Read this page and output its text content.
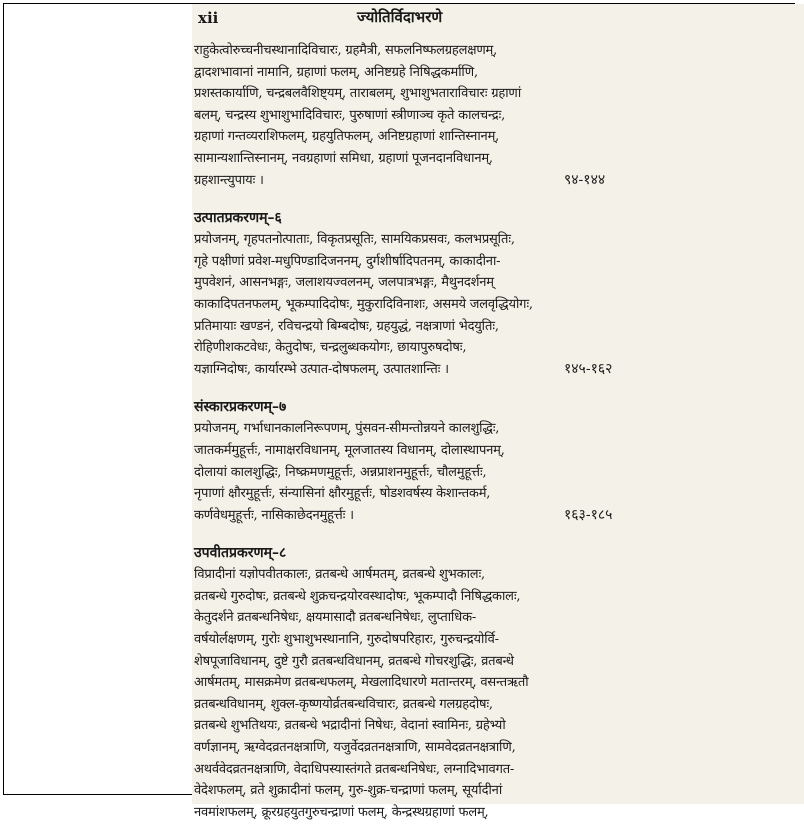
xii	ज्योतिर्विदाभरणे
राहुकेत्वोरुच्चनीचस्थानादिविचारः, ग्रहमैत्री, सफलनिष्फलग्रहलक्षणम्,
द्वादशभावानां नामानि, ग्रहाणां फलम्, अनिष्टग्रहे निषिद्धकर्माणि,
प्रशस्तकार्याणि, चन्द्रबलवैशिष्ट्यम्, ताराबलम्, शुभाशुभताराविचारः ग्रहाणां
बलम्, चन्द्रस्य शुभाशुभादिविचारः, पुरुषाणां स्त्रीणाञ्च कृते कालचन्द्रः,
ग्रहाणां गन्तव्यराशिफलम्, ग्रहयुतिफलम्, अनिष्टग्रहाणां शान्तिस्नानम्,
सामान्यशान्तिस्नानम्, नवग्रहाणां समिधा, ग्रहाणां पूजनदानविधानम्,
ग्रहशान्त्युपायः ।	९४-१४४
उत्पातप्रकरणम्–६
प्रयोजनम्, गृहपतनोत्पाताः, विकृतप्रसूतिः, सामयिकप्रसवः, कलभप्रसूतिः,
गृहे पक्षीणां प्रवेश-मधुपिण्डादिजननम्, दुर्गशीर्षादिपतनम्, काकादीना-
मुपवेशनं, आसनभङ्गः, जलाशयज्वलनम्, जलपात्रभङ्गः, मैथुनदर्शनम्
काकादिपतनफलम्, भूकम्पादिदोषः, मुकुरादिविनाशः, असमये जलवृद्धियोगः,
प्रतिमायाः खण्डनं, रविचन्द्रयो बिम्बदोषः, ग्रहयुद्धं, नक्षत्राणां भेदयुतिः,
रोहिणीशकटवेधः, केतुदोषः, चन्द्रलुब्धकयोगः, छायापुरुषदोषः,
यज्ञाग्निदोषः, कार्यारम्भे उत्पात-दोषफलम्, उत्पातशान्तिः ।	१४५-१६२
संस्कारप्रकरणम्–७
प्रयोजनम्, गर्भाधानकालनिरूपणम्, पुंसवन-सीमन्तोन्नयने कालशुद्धिः,
जातकर्ममुहूर्त्तः, नामाक्षरविधानम्, मूलजातस्य विधानम्, दोलास्थापनम्,
दोलायां कालशुद्धिः, निष्क्रमणमुहूर्त्तः, अन्नप्राशनमुहूर्त्तः, चौलमुहूर्त्तः,
नृपाणां क्षौरमुहूर्त्तः, संन्यासिनां क्षौरमुहूर्त्तः, षोडशवर्षस्य केशान्तकर्म,
कर्णवेधमुहूर्त्तः, नासिकाछेदनमुहूर्त्तः ।	१६३-१८५
उपवीतप्रकरणम्–८
विप्रादीनां यज्ञोपवीतकालः, व्रतबन्धे आर्षमतम्, व्रतबन्धे शुभकालः,
व्रतबन्धे गुरुदोषः, व्रतबन्धे शुक्रचन्द्रयोरवस्थादोषः, भूकम्पादौ निषिद्धकालः,
केतुदर्शने व्रतबन्धनिषेधः, क्षयमासादौ व्रतबन्धनिषेधः, लुप्ताधिक-
वर्षयोर्लक्षणम्, गुरोः शुभाशुभस्थानानि, गुरुदोषपरिहारः, गुरुचन्द्रयोर्वि-
शेषपूजाविधानम्, दुष्टे गुरौ व्रतबन्धविधानम्, व्रतबन्धे गोचरशुद्धिः, व्रतबन्धे
आर्षमतम्, मासक्रमेण व्रतबन्धफलम्, मेखलादिधारणे मतान्तरम्, वसन्तऋतौ
व्रतबन्धविधानम्, शुक्ल-कृष्णयोर्व्रतबन्धविचारः, व्रतबन्धे गलग्रहदोषः,
व्रतबन्धे शुभतिथयः, व्रतबन्धे भद्रादीनां निषेधः, वेदानां स्वामिनः, ग्रहेभ्यो
वर्णज्ञानम्, ऋग्वेदव्रतनक्षत्राणि, यजुर्वेदव्रतनक्षत्राणि, सामवेदव्रतनक्षत्राणि,
अथर्ववेदव्रतनक्षत्राणि, वेदाधिपस्यास्तंगते व्रतबन्धनिषेधः, लग्नादिभावगत-
वेदेशफलम्, व्रते शुक्रादीनां फलम्, गुरु-शुक्र-चन्द्राणां फलम्, सूर्यादीनां
नवमांशफलम्, क्रूरग्रहयुतगुरुचन्द्राणां फलम्, केन्द्रस्थग्रहाणां फलम्,
